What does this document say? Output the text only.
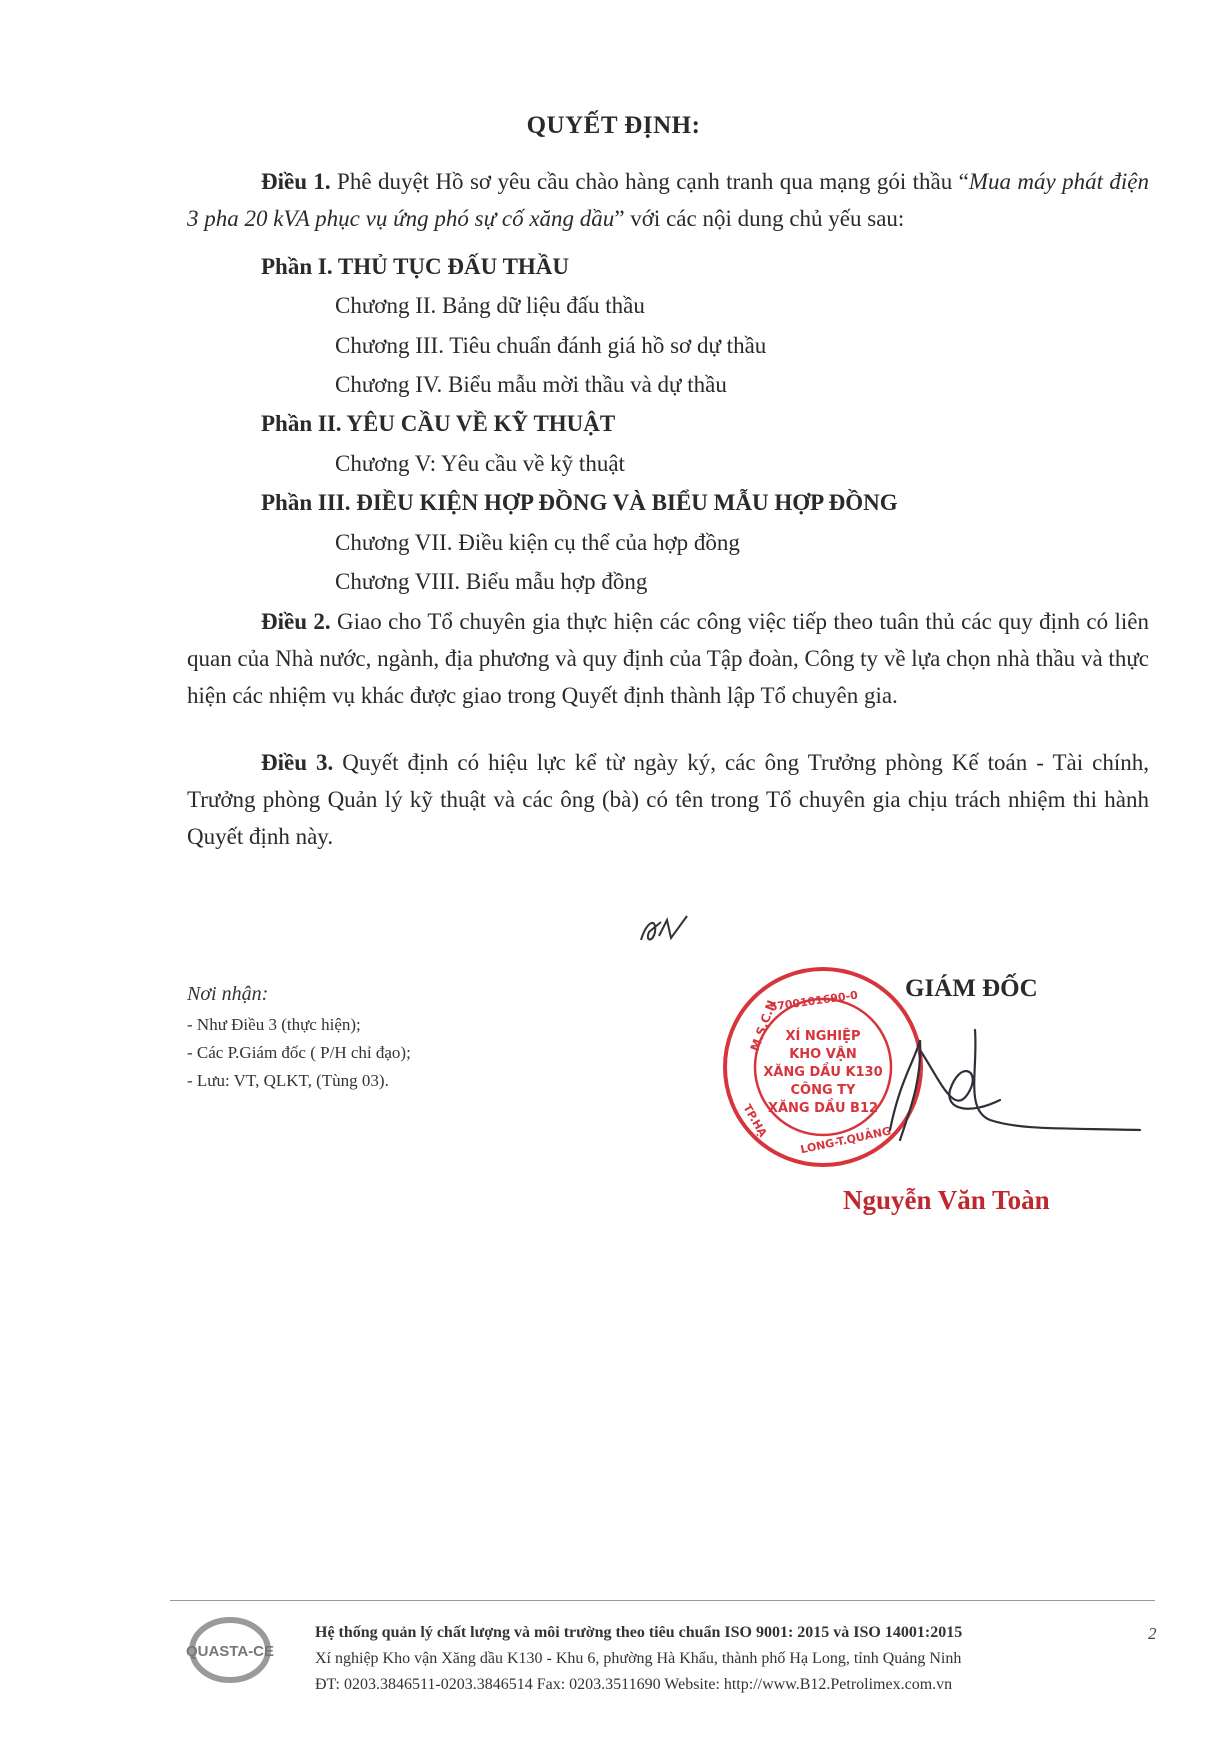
QUYẾT ĐỊNH:
Điều 1. Phê duyệt Hồ sơ yêu cầu chào hàng cạnh tranh qua mạng gói thầu “Mua máy phát điện 3 pha 20 kVA phục vụ ứng phó sự cố xăng dầu” với các nội dung chủ yếu sau:
Phần I. THỦ TỤC ĐẤU THẦU
Chương II. Bảng dữ liệu đấu thầu
Chương III. Tiêu chuẩn đánh giá hồ sơ dự thầu
Chương IV. Biểu mẫu mời thầu và dự thầu
Phần II. YÊU CẦU VỀ KỸ THUẬT
Chương V: Yêu cầu về kỹ thuật
Phần III. ĐIỀU KIỆN HỢP ĐỒNG VÀ BIỂU MẪU HỢP ĐỒNG
Chương VII. Điều kiện cụ thể của hợp đồng
Chương VIII. Biểu mẫu hợp đồng
Điều 2. Giao cho Tổ chuyên gia thực hiện các công việc tiếp theo tuân thủ các quy định có liên quan của Nhà nước, ngành, địa phương và quy định của Tập đoàn, Công ty về lựa chọn nhà thầu và thực hiện các nhiệm vụ khác được giao trong Quyết định thành lập Tổ chuyên gia.
Điều 3. Quyết định có hiệu lực kể từ ngày ký, các ông Trưởng phòng Kế toán - Tài chính, Trưởng phòng Quản lý kỹ thuật và các ông (bà) có tên trong Tổ chuyên gia chịu trách nhiệm thi hành Quyết định này.
Nơi nhận:
- Như Điều 3 (thực hiện);
- Các P.Giám đốc ( P/H chỉ đạo);
- Lưu: VT, QLKT, (Tùng 03).
GIÁM ĐỐC
5700101690-0
M.S.C.N
LONG-T.QUẢNG
TP.HẠ
XÍ NGHIỆP
KHO VẬN
XĂNG DẦU K130
CÔNG TY
XĂNG DẦU B12
Nguyễn Văn Toàn
QUASTA-CE
Hệ thống quản lý chất lượng và môi trường theo tiêu chuẩn ISO 9001: 2015 và ISO 14001:2015
Xí nghiệp Kho vận Xăng dầu K130 - Khu 6, phường Hà Khẩu, thành phố Hạ Long, tỉnh Quảng Ninh
ĐT: 0203.3846511-0203.3846514 Fax: 0203.3511690 Website: http://www.B12.Petrolimex.com.vn
2
